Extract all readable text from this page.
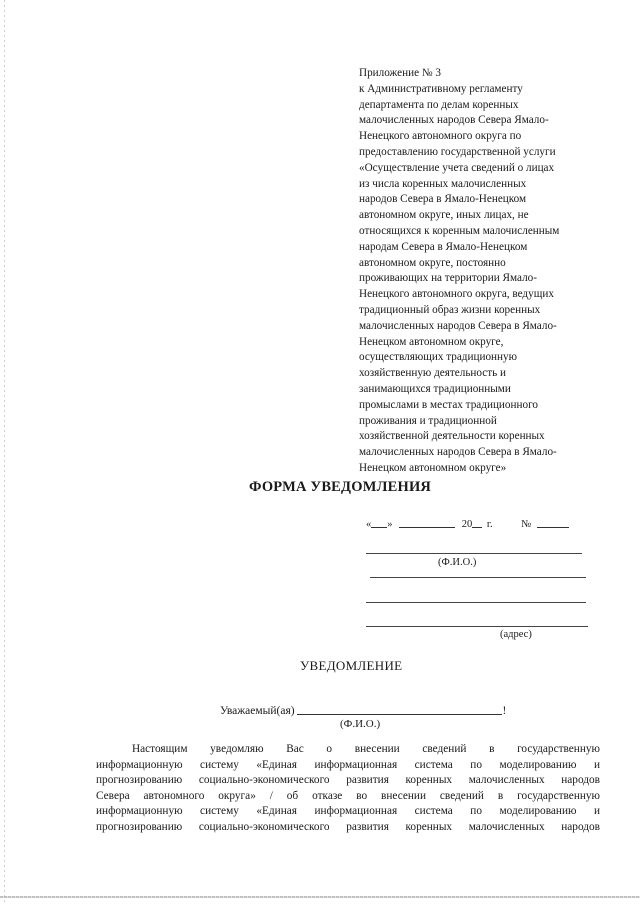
Приложение № 3
к Административному регламенту
департамента по делам коренных
малочисленных народов Севера Ямало-
Ненецкого автономного округа по
предоставлению государственной услуги
«Осуществление учета сведений о лицах
из числа коренных малочисленных
народов Севера в Ямало-Ненецком
автономном округе, иных лицах, не
относящихся к коренным малочисленным
народам Севера в Ямало-Ненецком
автономном округе, постоянно
проживающих на территории Ямало-
Ненецкого автономного округа, ведущих
традиционный образ жизни коренных
малочисленных народов Севера в Ямало-
Ненецком автономном округе,
осуществляющих традиционную
хозяйственную деятельность и
занимающихся традиционными
промыслами в местах традиционного
проживания и традиционной
хозяйственной деятельности коренных
малочисленных народов Севера в Ямало-
Ненецком автономном округе»
ФОРМА УВЕДОМЛЕНИЯ
« »	20 г.	№
(Ф.И.О.)
(адрес)
УВЕДОМЛЕНИЕ
Уважаемый(ая)	!
(Ф.И.О.)
Настоящим уведомляю Вас о внесении сведений в государственную
информационную систему «Единая информационная система по моделированию и
прогнозированию социально-экономического развития коренных малочисленных народов
Севера автономного округа» / об отказе во внесении сведений в государственную
информационную систему «Единая информационная система по моделированию и
прогнозированию социально-экономического развития коренных малочисленных народов
